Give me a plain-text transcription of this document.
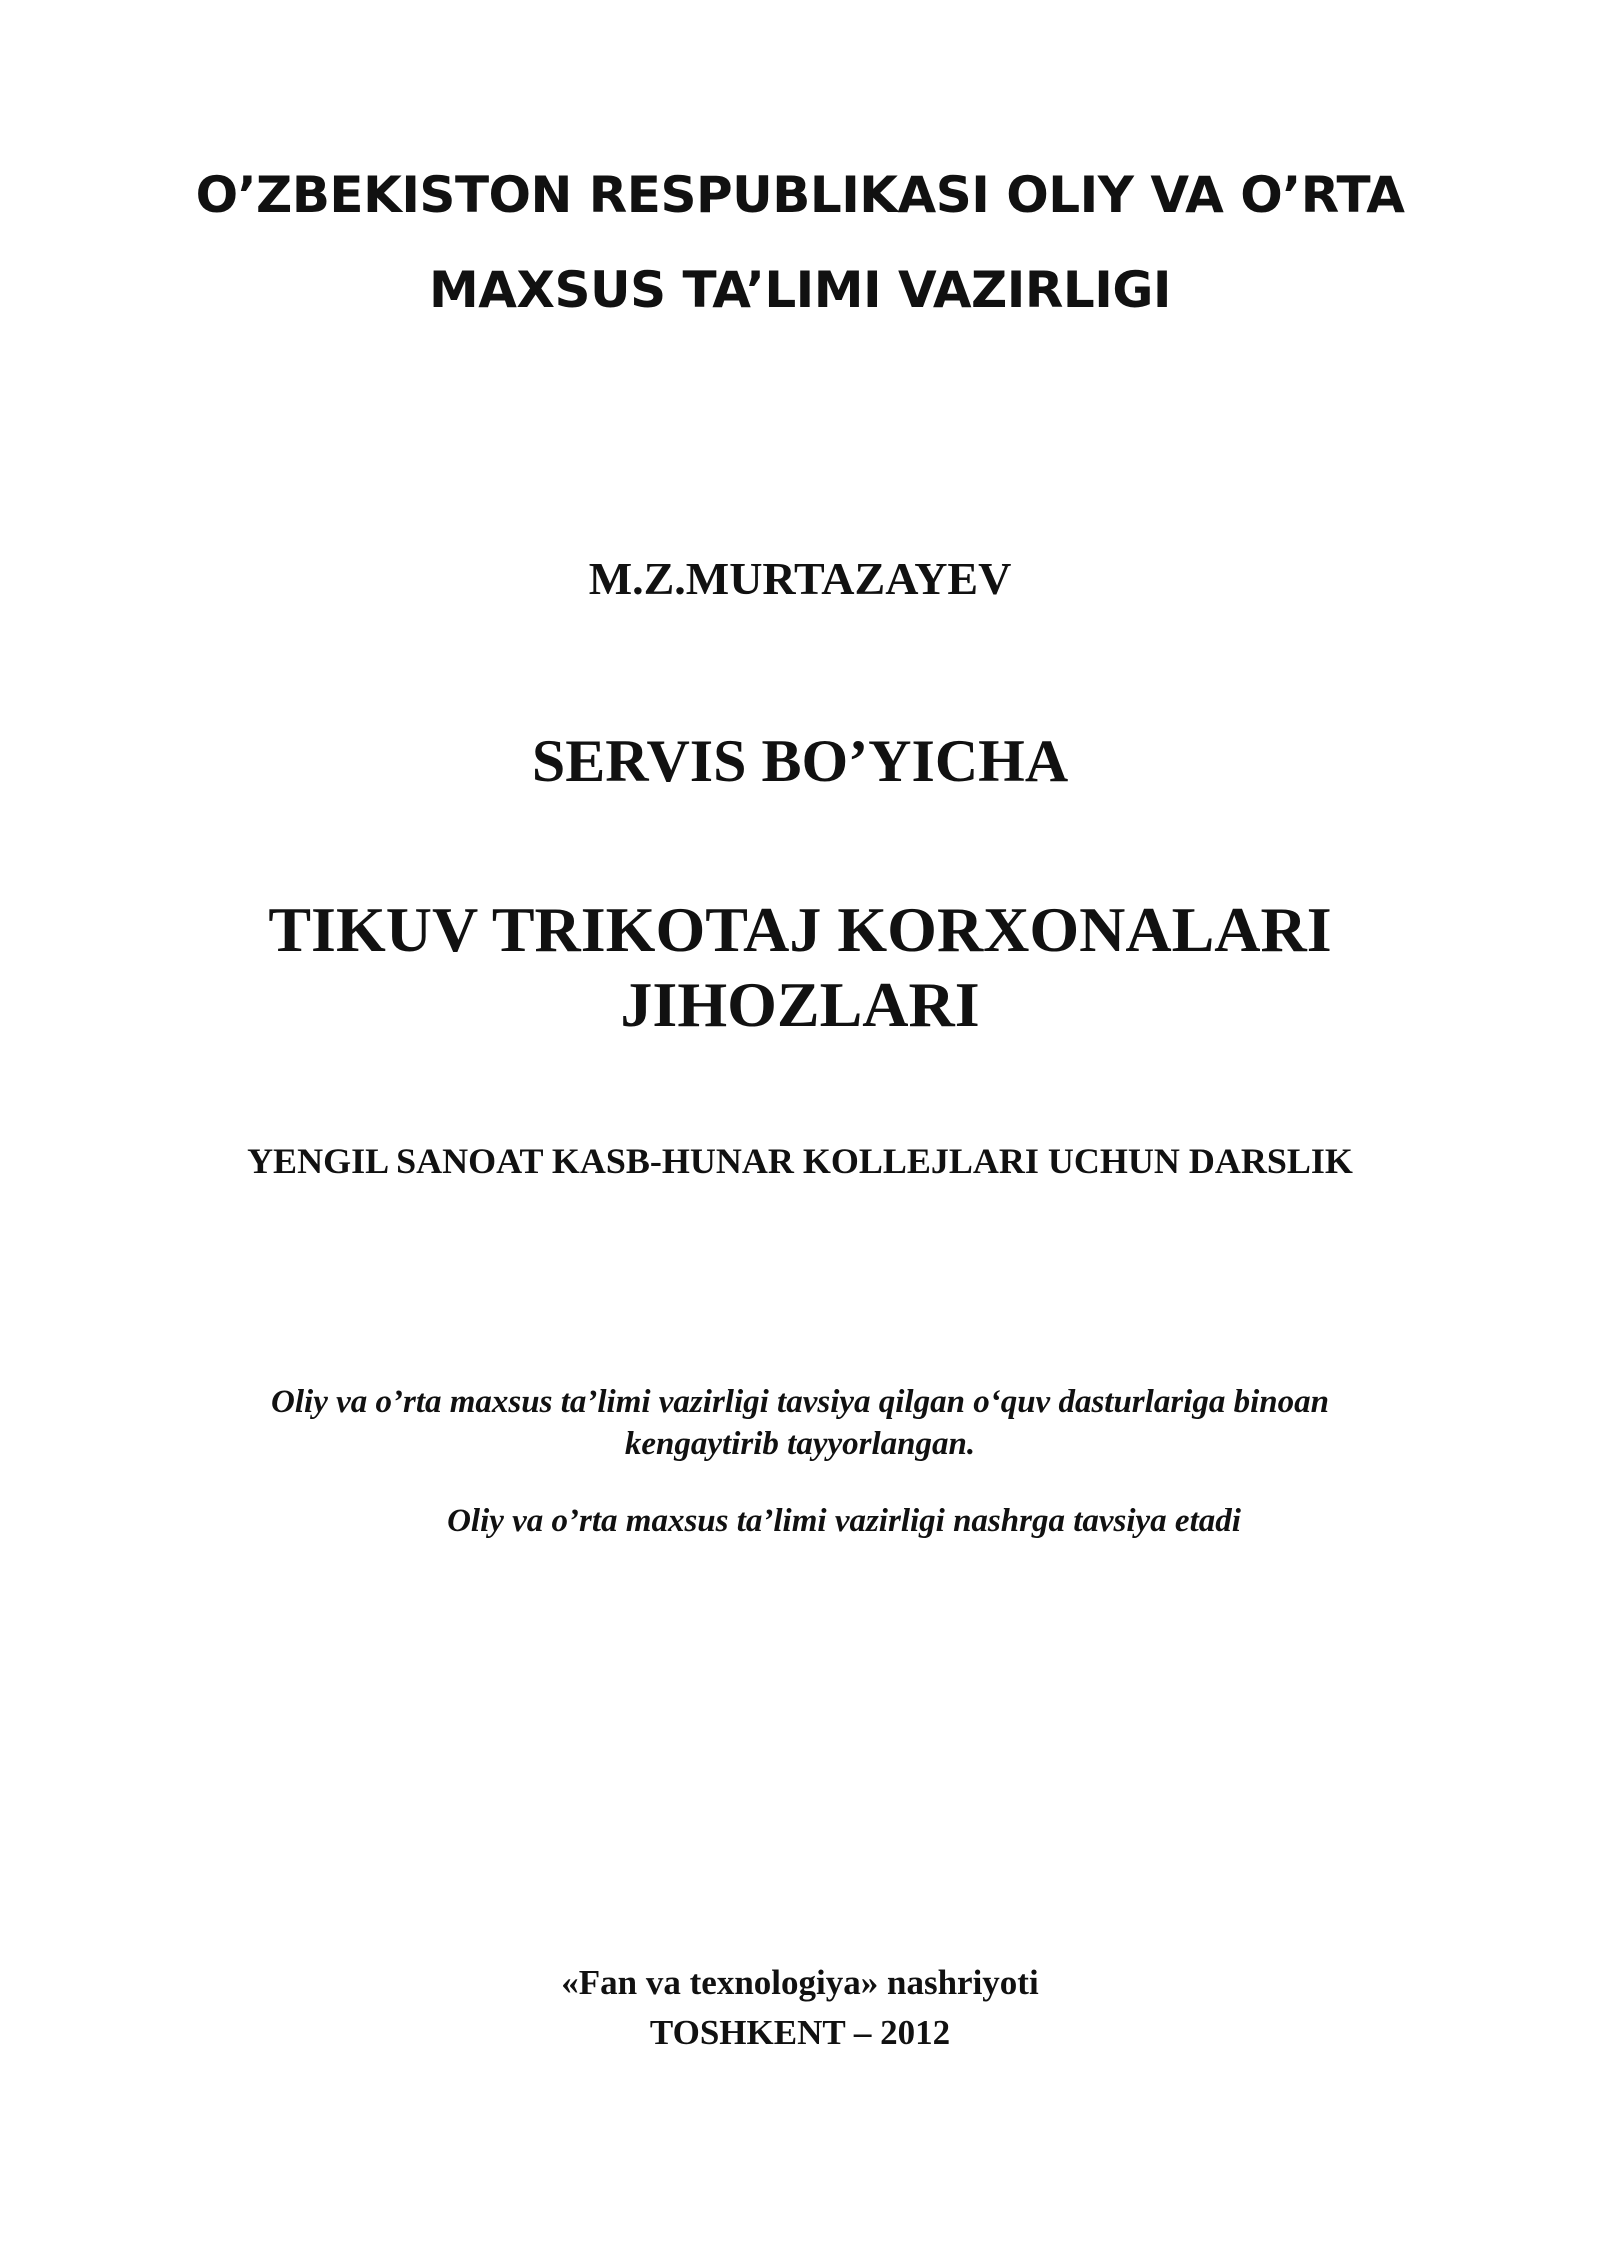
O’ZBEKISTON RESPUBLIKASI OLIY VA O’RTA
MAXSUS TA’LIMI VAZIRLIGI
M.Z.MURTAZAYEV
SERVIS BO’YICHA
TIKUV TRIKOTAJ KORXONALARI
JIHOZLARI
YENGIL SANOAT KASB-HUNAR KOLLEJLARI UCHUN DARSLIK
Oliy va o’rta maxsus ta’limi vazirligi tavsiya qilgan o‘quv dasturlariga binoan
kengaytirib tayyorlangan.
Oliy va o’rta maxsus ta’limi vazirligi nashrga tavsiya etadi
«Fan va texnologiya» nashriyoti
TOSHKENT – 2012
